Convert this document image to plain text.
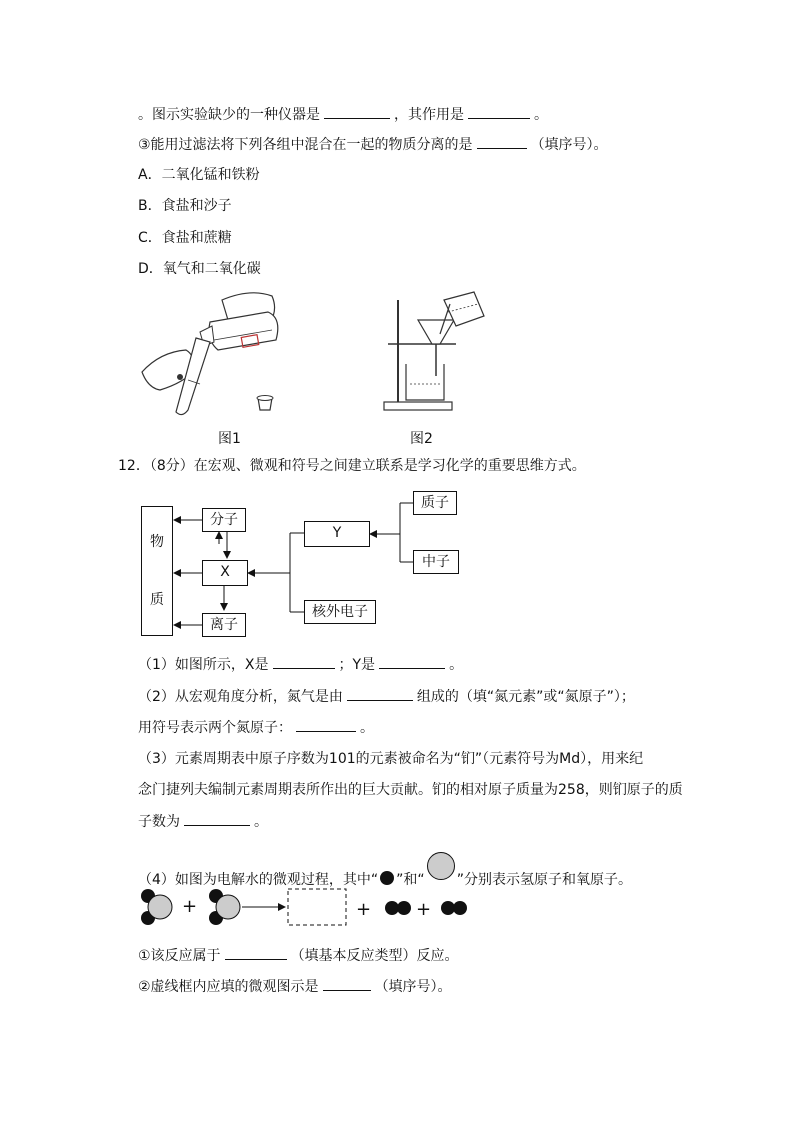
。图示实验缺少的一种仪器是	，其作用是	。
③能用过滤法将下列各组中混合在一起的物质分离的是	（填序号）。
A．二氧化锰和铁粉
B．食盐和沙子
C．食盐和蔗糖
D．氧气和二氧化碳
图1	图2
12．（8分）在宏观、微观和符号之间建立联系是学习化学的重要思维方式。
物
质
分子
X
离子
Y
核外电子
质子
中子
（1）如图所示，X是	；Y是	。
（2）从宏观角度分析，氮气是由	组成的（填“氮元素”或“氮原子”）；
用符号表示两个氮原子：	。
（3）元素周期表中原子序数为101的元素被命名为“钔”（元素符号为Md），用来纪
念门捷列夫编制元素周期表所作出的巨大贡献。钔的相对原子质量为258，则钔原子的质
子数为	。
（4）如图为电解水的微观过程，其中“ ”和“ ”分别表示氢原子和氧原子。
+	+ +
①该反应属于	（填基本反应类型）反应。
②虚线框内应填的微观图示是	（填序号）。
